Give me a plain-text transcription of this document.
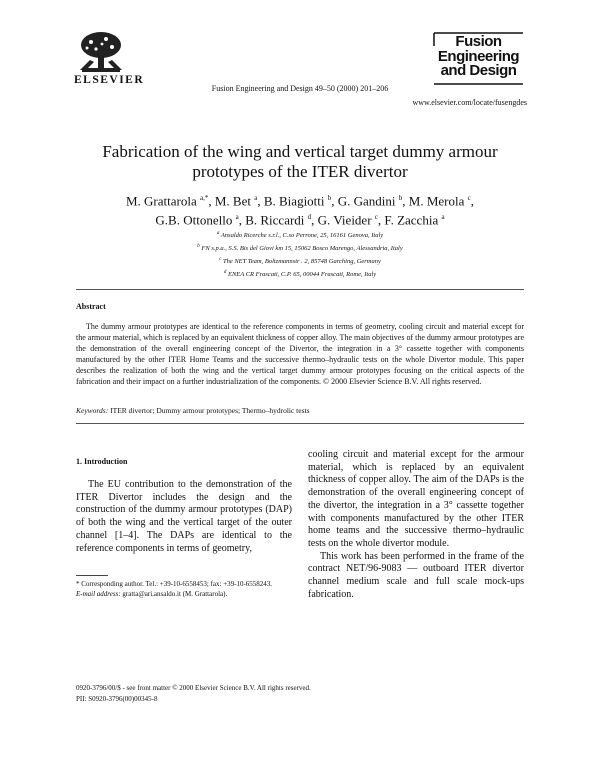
ELSEVIER
Fusion Engineering and Design 49–50 (2000) 201–206
Fusion
Engineering
and Design
www.elsevier.com/locate/fusengdes
Fabrication of the wing and vertical target dummy armour
prototypes of the ITER divertor
M. Grattarola $^{a,*}$, M. Bet $^a$, B. Biagiotti $^b$, G. Gandini $^b$, M. Merola $^c$,
G.B. Ottonello $^a$, B. Riccardi $^d$, G. Vieider $^c$, F. Zacchia $^a$
$^a$ Ansaldo Ricerche s.r.l., C.so Perrone, 25, 16161 Genova, Italy
$^b$ FN s.p.a., S.S. Bis del Giovi km 15, 15062 Bosco Marengo, Alessandria, Italy
$^c$ The NET Team, Boltzmannstr . 2, 85748 Garching, Germany
$^d$ ENEA CR Frascati, C.P. 65, 00044 Frascati, Rome, Italy
Abstract
The dummy armour prototypes are identical to the reference components in terms of geometry, cooling circuit and material except for the armour material, which is replaced by an equivalent thickness of copper alloy. The main objectives of the dummy armour prototypes are the demonstration of the overall engineering concept of the Divertor, the integration in a 3° cassette together with components manufactured by the other ITER Home Teams and the successive thermo–hydraulic tests on the whole Divertor module. This paper describes the realization of both the wing and the vertical target dummy armour prototypes focusing on the critical aspects of the fabrication and their impact on a further industrialization of the components. © 2000 Elsevier Science B.V. All rights reserved.
Keywords: ITER divertor; Dummy armour prototypes; Thermo–hydrolic tests
1. Introduction

The EU contribution to the demonstration of the ITER Divertor includes the design and the construction of the dummy armour prototypes (DAP) of both the wing and the vertical target of the outer channel [1–4]. The DAPs are identical to the reference components in terms of geometry,

cooling circuit and material except for the armour material, which is replaced by an equivalent thickness of copper alloy. The aim of the DAPs is the demonstration of the overall engineering concept of the divertor, the integration in a 3° cassette together with components manufactured by the other ITER home teams and the successive thermo–hydraulic tests on the whole divertor module.

This work has been performed in the frame of the contract NET/96-9083 — outboard ITER divertor channel medium scale and full scale mock-ups fabrication.

* Corresponding author. Tel.: +39-10-6558453; fax: +39-10-6558243.
E-mail address: gratta@ari.ansaldo.it (M. Grattarola).
0920-3796/00/$ - see front matter © 2000 Elsevier Science B.V. All rights reserved.
PII: S0920-3796(00)00345-8
